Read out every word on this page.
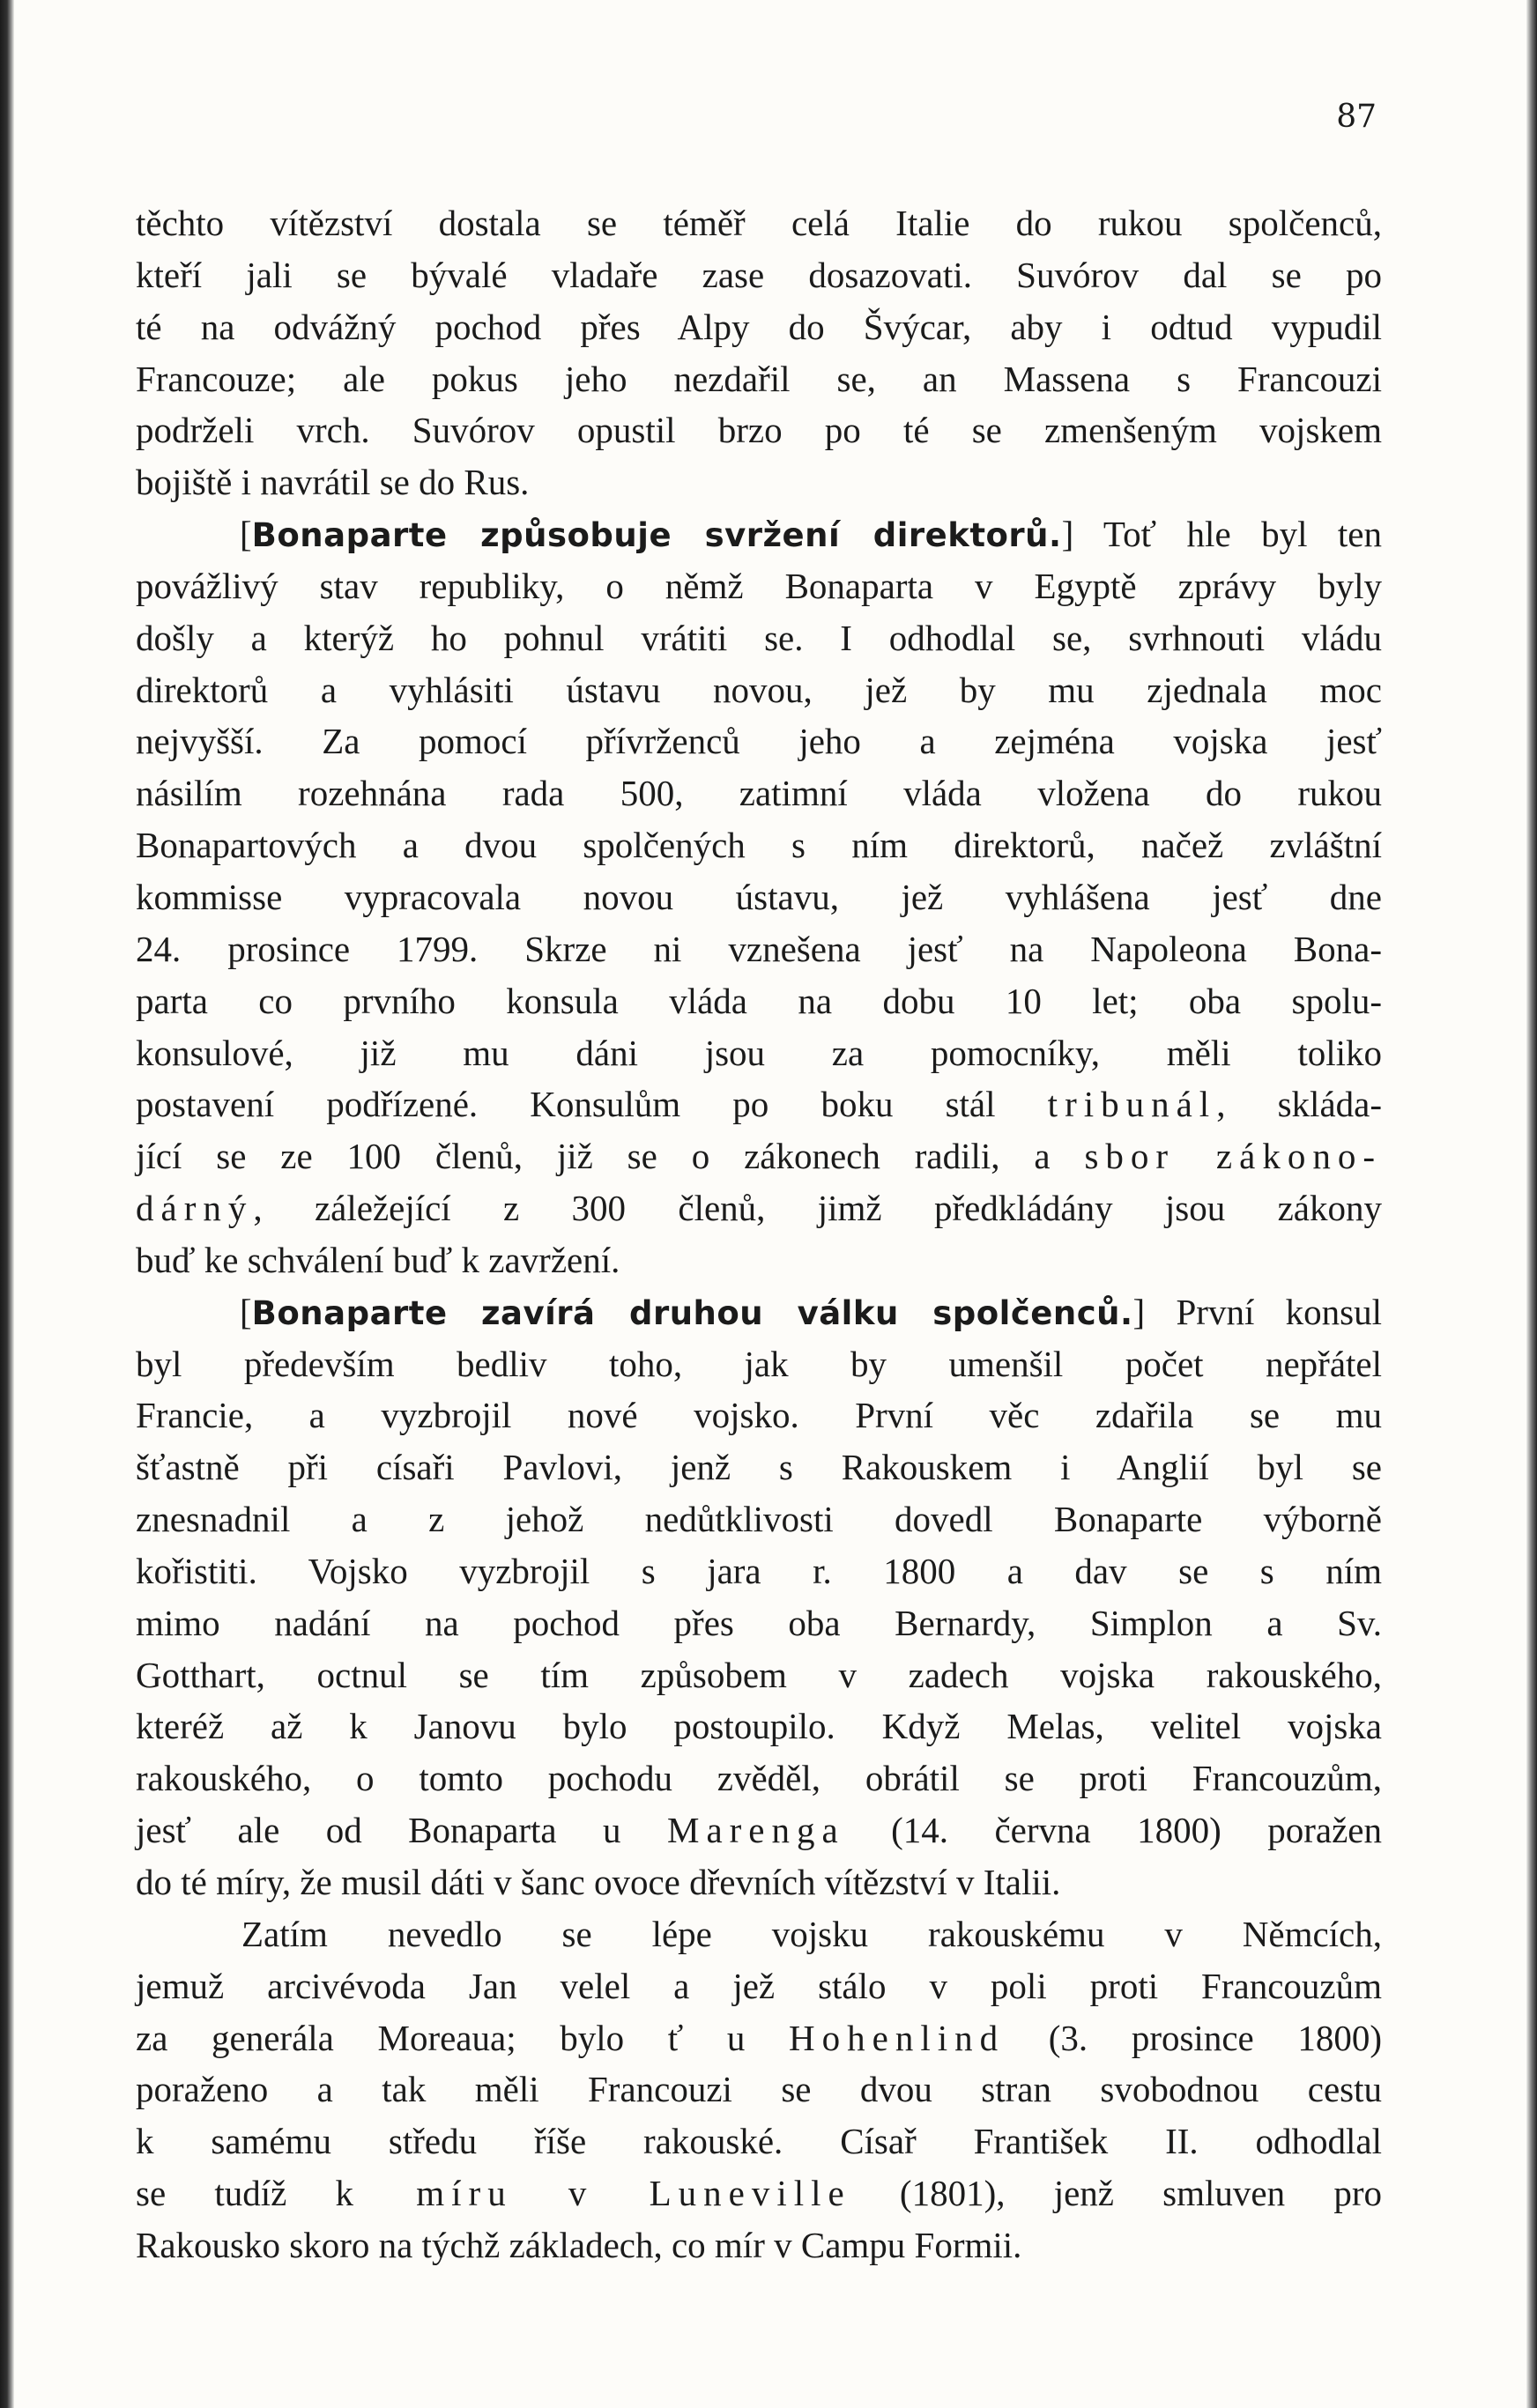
87
těchto vítězství dostala se téměř celá Italie do rukou spolčenců,
kteří jali se bývalé vladaře zase dosazovati. Suvórov dal se po
té na odvážný pochod přes Alpy do Švýcar, aby i odtud vypudil
Francouze; ale pokus jeho nezdařil se, an Massena s Francouzi
podrželi vrch. Suvórov opustil brzo po té se zmenšeným vojskem
bojiště i navrátil se do Rus.
[Bonaparte způsobuje svržení direktorů.] Toť hle byl ten
povážlivý stav republiky, o němž Bonaparta v Egyptě zprávy byly
došly a kterýž ho pohnul vrátiti se. I odhodlal se, svrhnouti vládu
direktorů a vyhlásiti ústavu novou, jež by mu zjednala moc
nejvyšší. Za pomocí přívrženců jeho a zejména vojska jesť
násilím rozehnána rada 500, zatimní vláda vložena do rukou
Bonapartových a dvou spolčených s ním direktorů, načež zvláštní
kommisse vypracovala novou ústavu, jež vyhlášena jesť dne
24. prosince 1799. Skrze ni vznešena jesť na Napoleona Bona-
parta co prvního konsula vláda na dobu 10 let; oba spolu-
konsulové, již mu dáni jsou za pomocníky, měli toliko
postavení podřízené. Konsulům po boku stál tribunál, skláda-
jící se ze 100 členů, již se o zákonech radili, a sbor zákono-
dárný, záležející z 300 členů, jimž předkládány jsou zákony
buď ke schválení buď k zavržení.
[Bonaparte zavírá druhou válku spolčenců.] První konsul
byl především bedliv toho, jak by umenšil počet nepřátel
Francie, a vyzbrojil nové vojsko. První věc zdařila se mu
šťastně při císaři Pavlovi, jenž s Rakouskem i Anglií byl se
znesnadnil a z jehož nedůtklivosti dovedl Bonaparte výborně
kořistiti. Vojsko vyzbrojil s jara r. 1800 a dav se s ním
mimo nadání na pochod přes oba Bernardy, Simplon a Sv.
Gotthart, octnul se tím způsobem v zadech vojska rakouského,
kteréž až k Janovu bylo postoupilo. Když Melas, velitel vojska
rakouského, o tomto pochodu zvěděl, obrátil se proti Francouzům,
jesť ale od Bonaparta u Marenga (14. června 1800) poražen
do té míry, že musil dáti v šanc ovoce dřevních vítězství v Italii.
Zatím nevedlo se lépe vojsku rakouskému v Němcích,
jemuž arcivévoda Jan velel a jež stálo v poli proti Francouzům
za generála Moreaua; bylo ť u Hohenlind (3. prosince 1800)
poraženo a tak měli Francouzi se dvou stran svobodnou cestu
k samému středu říše rakouské. Císař František II. odhodlal
se tudíž k míru v Luneville (1801), jenž smluven pro
Rakousko skoro na týchž základech, co mír v Campu Formii.
